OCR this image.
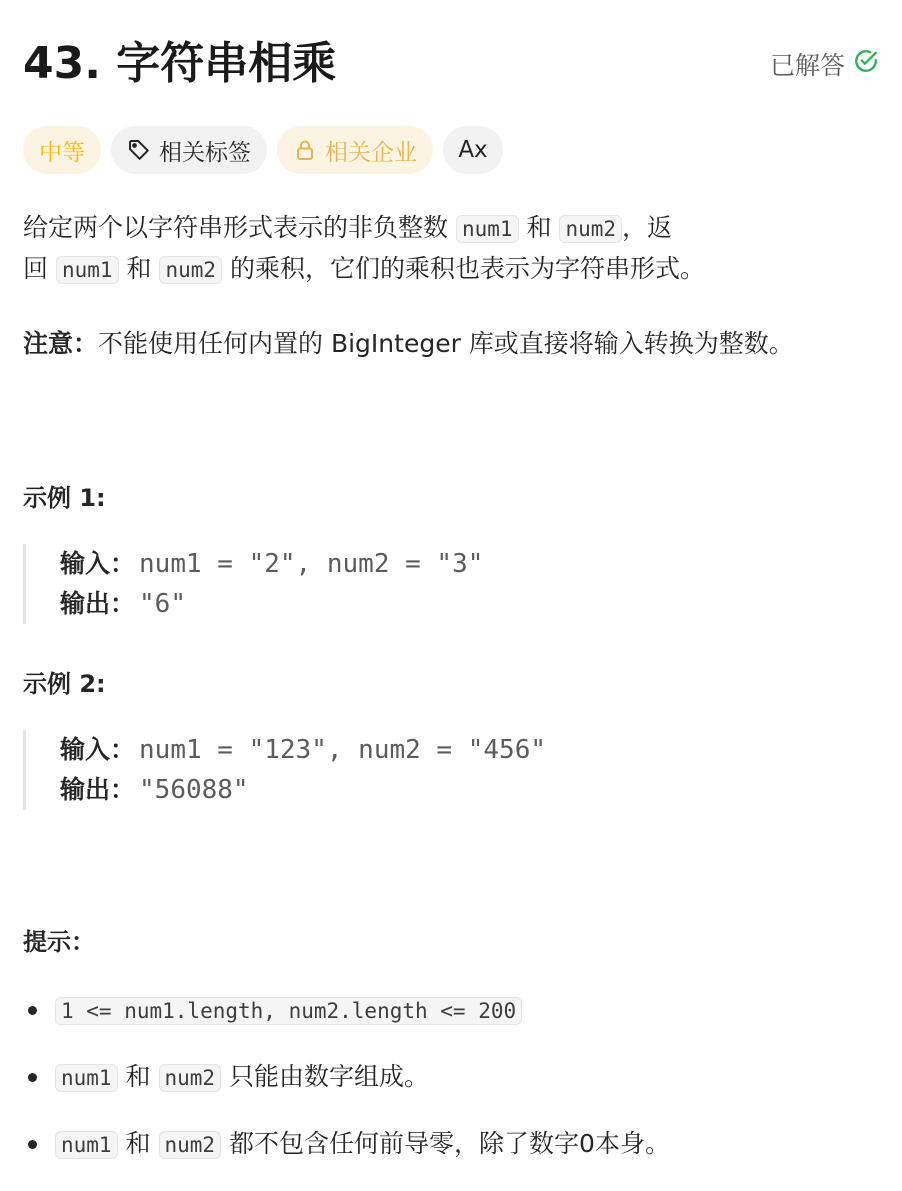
43. 字符串相乘	已解答
中等	相关标签	相关企业 Ax
给定两个以字符串形式表示的非负整数 num1 和 num2 ，返
回 num1 和 num2 的乘积，它们的乘积也表示为字符串形式。
注意：不能使用任何内置的 BigInteger 库或直接将输入转换为整数。
示例 1:
输入： num1 = "2", num2 = "3"
输出： "6"
示例 2:
输入： num1 = "123", num2 = "456"
输出： "56088"
提示：
1 <= num1.length, num2.length <= 200
num1 和 num2 只能由数字组成。
num1 和 num2 都不包含任何前导零，除了数字0本身。
